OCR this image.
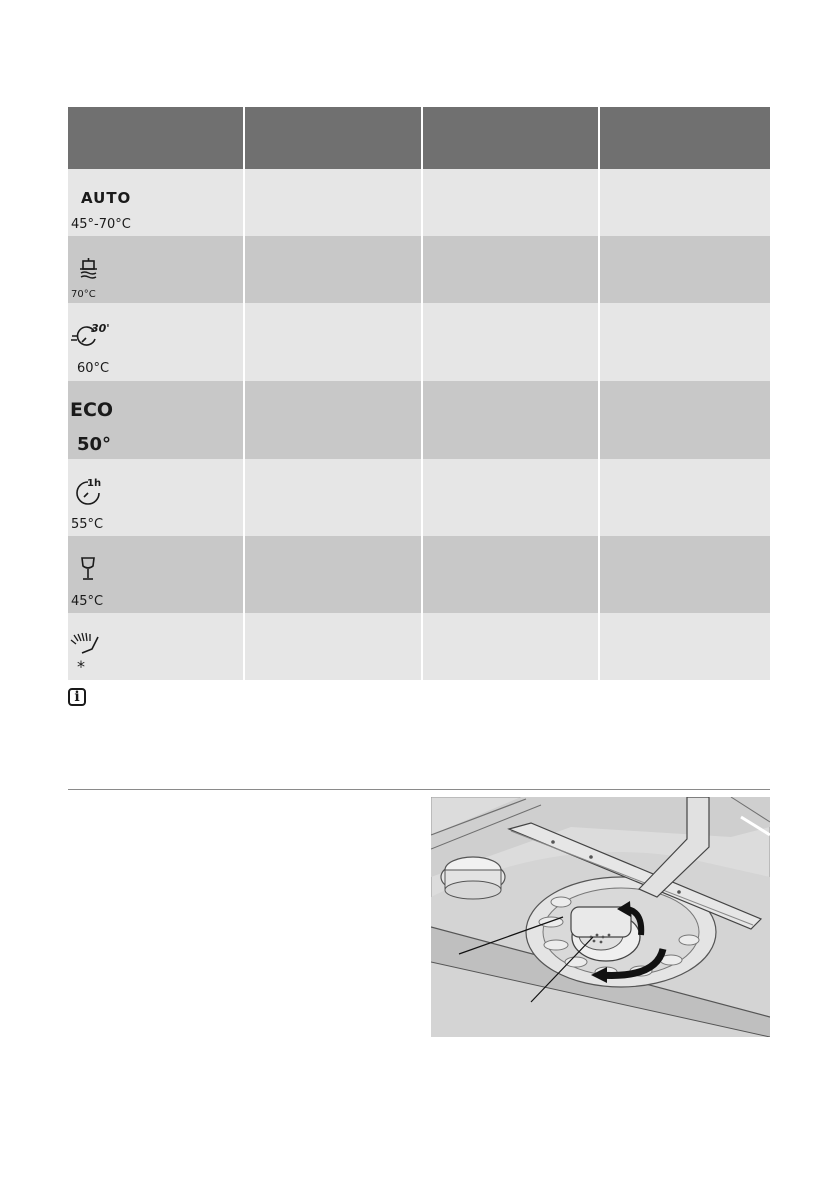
AUTO
45°-70°C
70°C
30'
60°C
ECO
50°
1h
55°C
45°C
*
i
